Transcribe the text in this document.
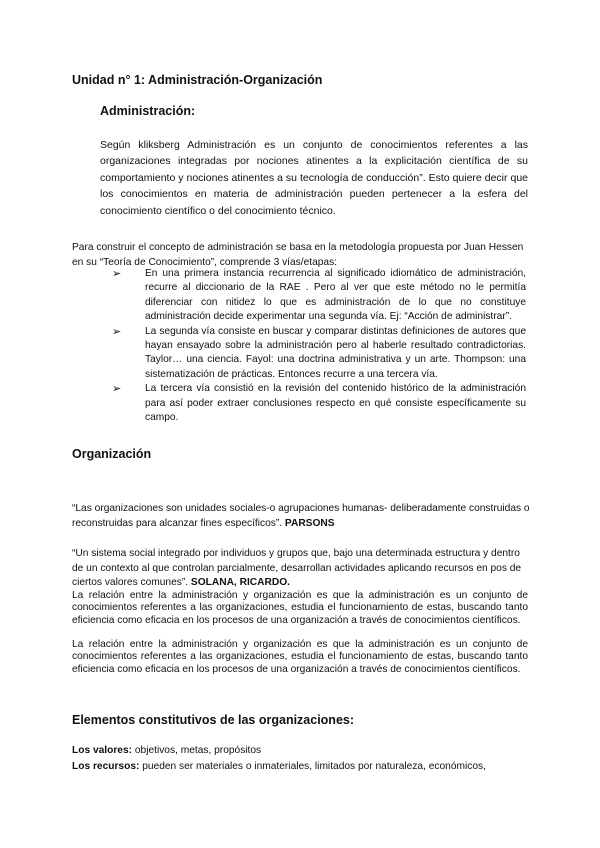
Unidad n° 1: Administración-Organización
Administración:
Según kliksberg Administración es un conjunto de conocimientos referentes a las organizaciones integradas por nociones atinentes a la explicitación científica de su comportamiento y nociones atinentes a su tecnología de conducción”. Esto quiere decir que los conocimientos en materia de administración pueden pertenecer a la esfera del conocimiento científico o del conocimiento técnico.
Para construir el concepto de administración se basa en la metodología propuesta por Juan Hessen en su “Teoría de Conocimiento”, comprende 3 vías/etapas:
➢ En una primera instancia recurrencia al significado idiomático de administración, recurre al diccionario de la RAE . Pero al ver que este método no le permitía diferenciar con nitidez lo que es administración de lo que no constituye administración decide experimentar una segunda vía. Ej: “Acción de administrar”.
➢ La segunda vía consiste en buscar y comparar distintas definiciones de autores que hayan ensayado sobre la administración pero al haberle resultado contradictorias. Taylor… una ciencia. Fayol: una doctrina administrativa y un arte. Thompson: una sistematización de prácticas. Entonces recurre a una tercera vía.
➢ La tercera vía consistió en la revisión del contenido histórico de la administración para así poder extraer conclusiones respecto en qué consiste específicamente su campo.
Organización
“Las organizaciones son unidades sociales-o agrupaciones humanas- deliberadamente construidas o reconstruidas para alcanzar fines específicos”. PARSONS
“Un sistema social integrado por individuos y grupos que, bajo una determinada estructura y dentro de un contexto al que controlan parcialmente, desarrollan actividades aplicando recursos en pos de ciertos valores comunes”. SOLANA, RICARDO.
La relación entre la administración y organización es que la administración es un conjunto de conocimientos referentes a las organizaciones, estudia el funcionamiento de estas, buscando tanto eficiencia como eficacia en los procesos de una organización a través de conocimientos científicos.
La relación entre la administración y organización es que la administración es un conjunto de conocimientos referentes a las organizaciones, estudia el funcionamiento de estas, buscando tanto eficiencia como eficacia en los procesos de una organización a través de conocimientos científicos.
Elementos constitutivos de las organizaciones:
Los valores: objetivos, metas, propósitos
Los recursos: pueden ser materiales o inmateriales, limitados por naturaleza, económicos,
